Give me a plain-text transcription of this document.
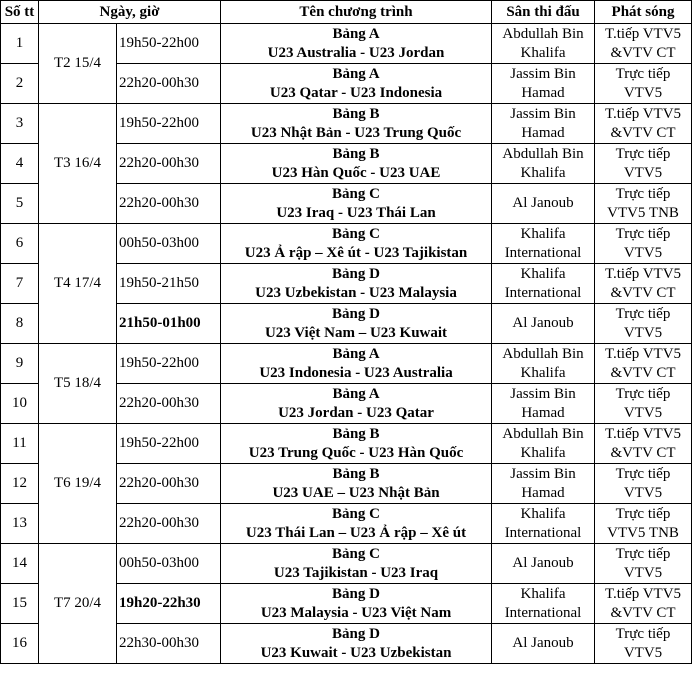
Số tt	Ngày, giờ		Tên chương trình	Sân thi đấu	Phát sóng
1	T2 15/4	19h50-22h00	Bảng A
U23 Australia - U23 Jordan	Abdullah Bin
Khalifa	T.tiếp VTV5
&VTV CT

2		22h20-00h30	Bảng A
U23 Qatar - U23 Indonesia	Jassim Bin
Hamad	Trực tiếp
VTV5

3	T3 16/4	19h50-22h00	Bảng B
U23 Nhật Bản - U23 Trung Quốc	Jassim Bin
Hamad	T.tiếp VTV5
&VTV CT

4		22h20-00h30	Bảng B
U23 Hàn Quốc - U23 UAE	Abdullah Bin
Khalifa	Trực tiếp
VTV5

5		22h20-00h30	Bảng C
U23 Iraq - U23 Thái Lan	Al Janoub	Trực tiếp
VTV5 TNB

6	T4 17/4	00h50-03h00	Bảng C
U23 Ả rập – Xê út - U23 Tajikistan	Khalifa
International	Trực tiếp
VTV5

7		19h50-21h50	Bảng D
U23 Uzbekistan - U23 Malaysia	Khalifa
International	T.tiếp VTV5
&VTV CT

8		21h50-01h00	Bảng D
U23 Việt Nam – U23 Kuwait	Al Janoub	Trực tiếp
VTV5

9	T5 18/4	19h50-22h00	Bảng A
U23 Indonesia - U23 Australia	Abdullah Bin
Khalifa	T.tiếp VTV5
&VTV CT

10		22h20-00h30	Bảng A
U23 Jordan - U23 Qatar	Jassim Bin
Hamad	Trực tiếp
VTV5

11	T6 19/4	19h50-22h00	Bảng B
U23 Trung Quốc - U23 Hàn Quốc	Abdullah Bin
Khalifa	T.tiếp VTV5
&VTV CT

12		22h20-00h30	Bảng B
U23 UAE – U23 Nhật Bản	Jassim Bin
Hamad	Trực tiếp
VTV5

13		22h20-00h30	Bảng C
U23 Thái Lan – U23 Ả rập – Xê út	Khalifa
International	Trực tiếp
VTV5 TNB

14	T7 20/4	00h50-03h00	Bảng C
U23 Tajikistan - U23 Iraq	Al Janoub	Trực tiếp
VTV5

15		19h20-22h30	Bảng D
U23 Malaysia - U23 Việt Nam	Khalifa
International	T.tiếp VTV5
&VTV CT

16		22h30-00h30	Bảng D
U23 Kuwait - U23 Uzbekistan	Al Janoub	Trực tiếp
VTV5
